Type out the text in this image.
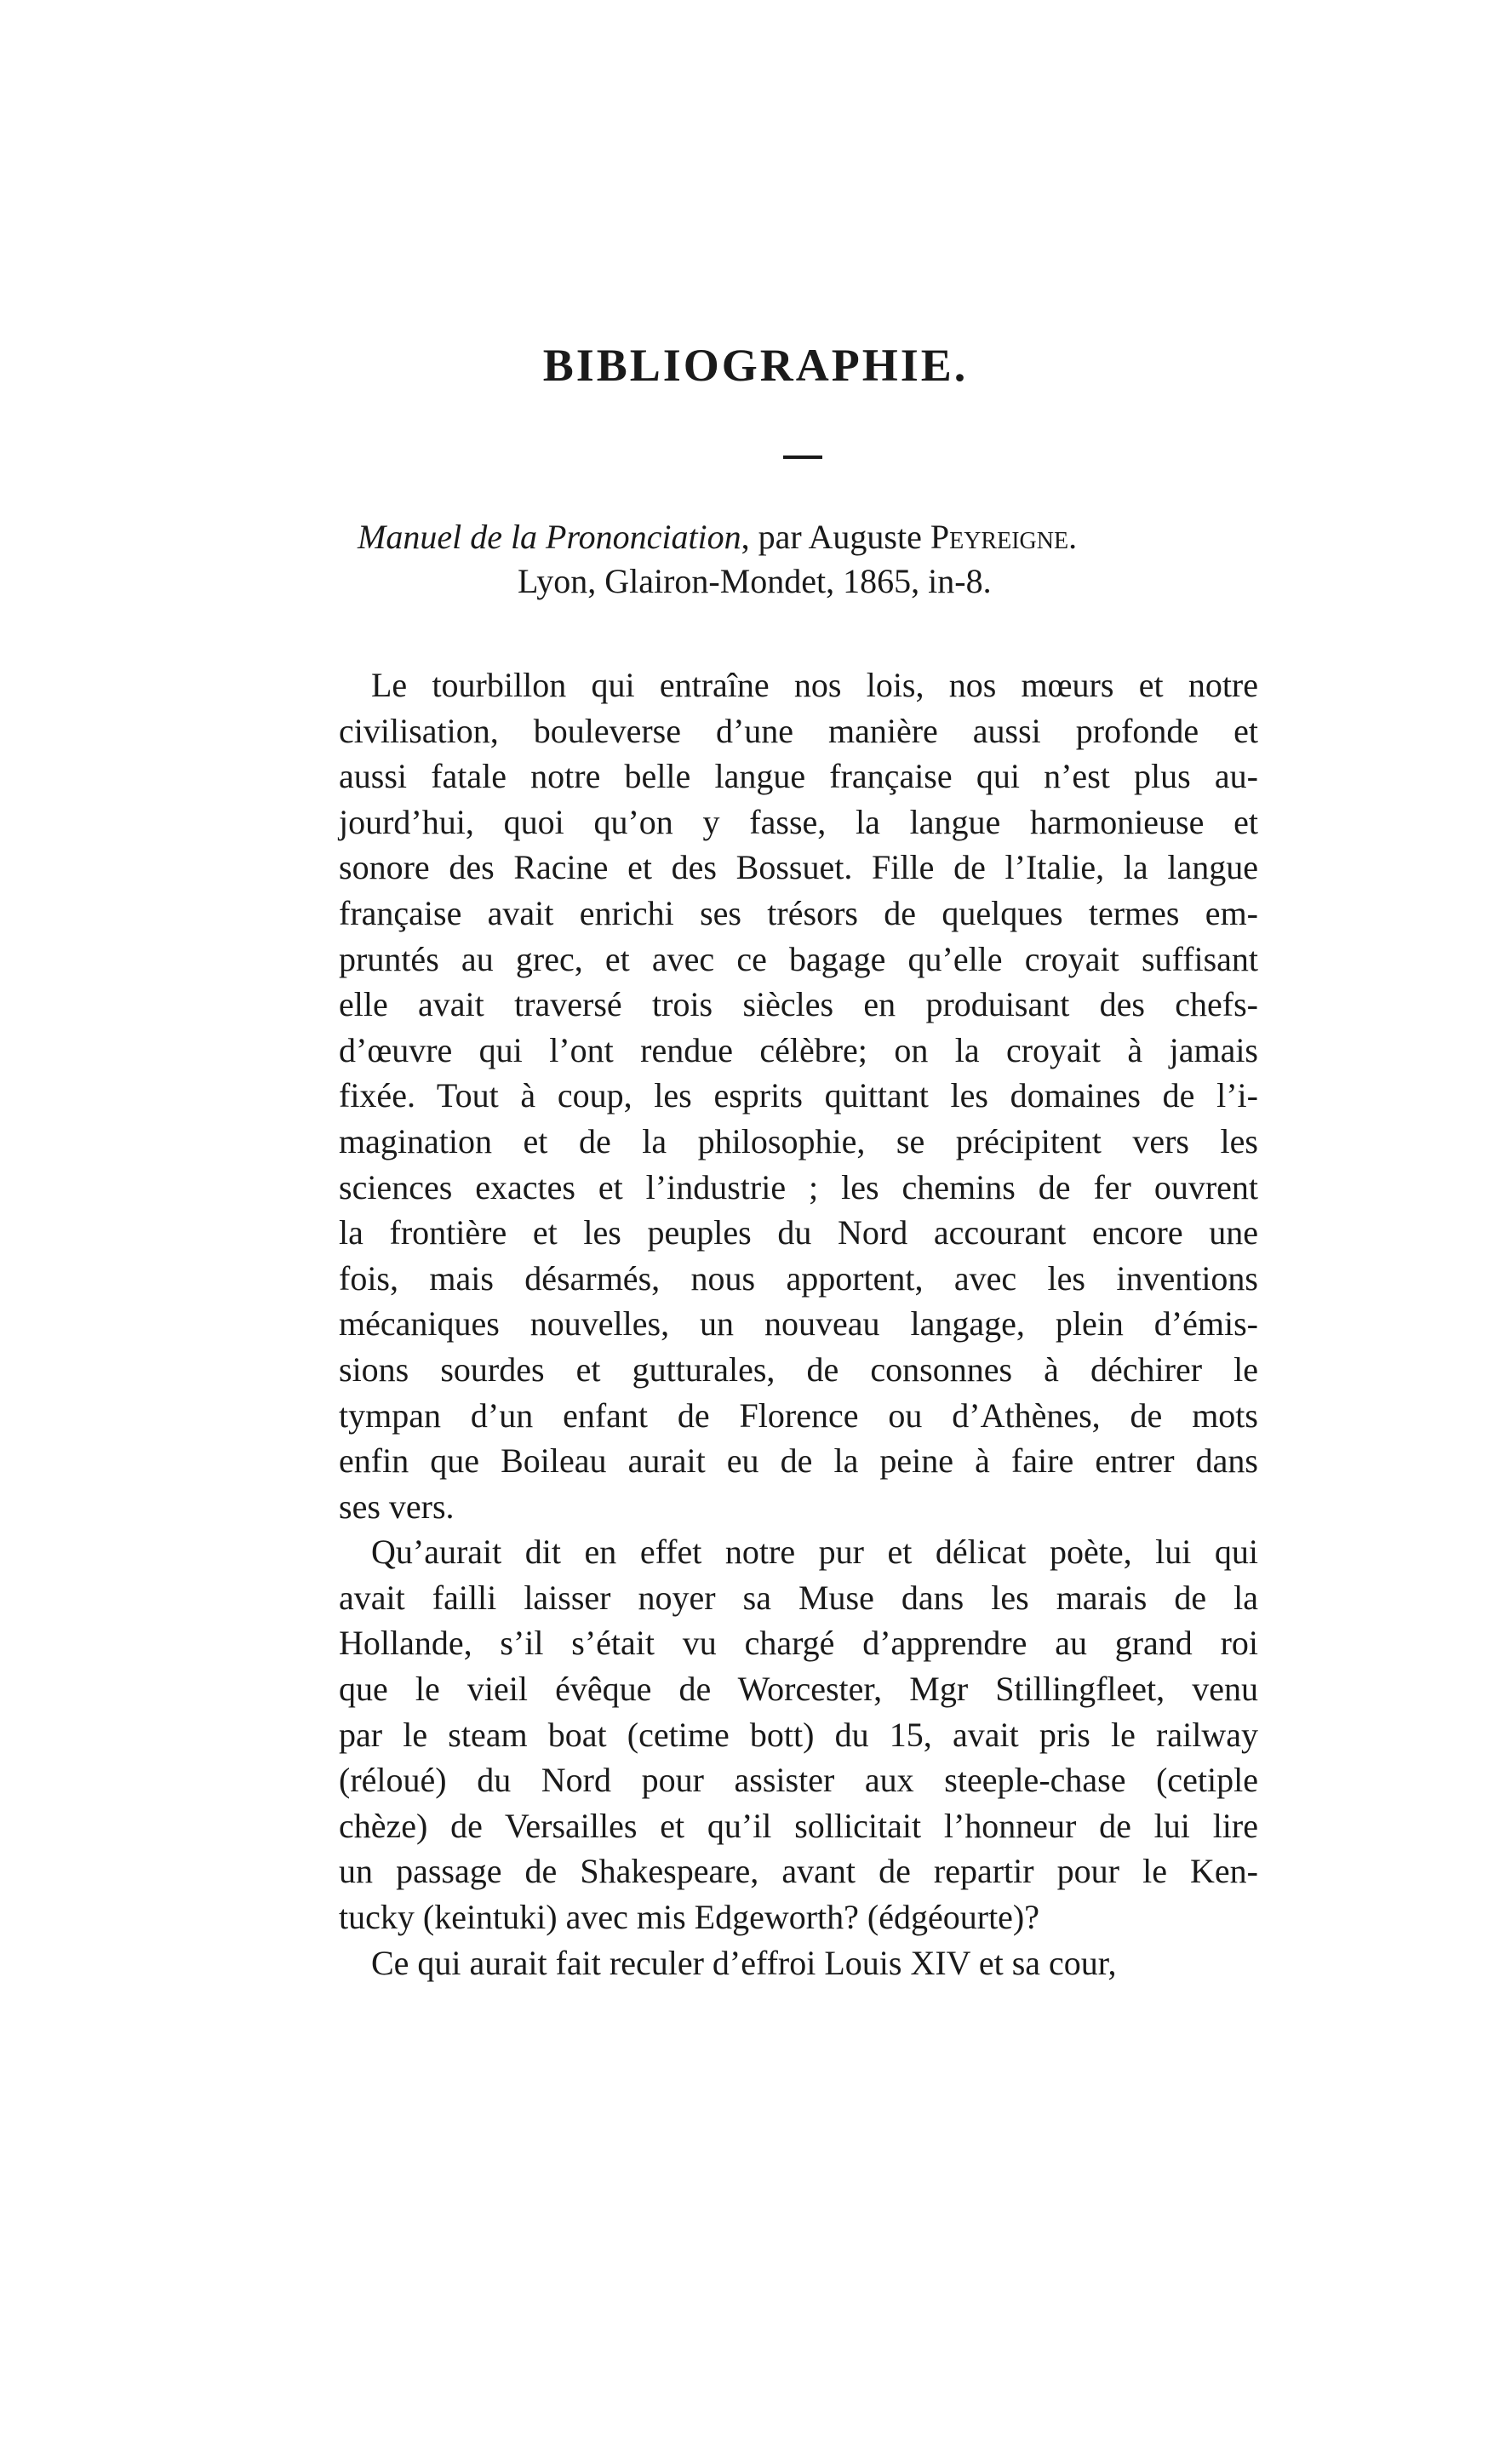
BIBLIOGRAPHIE.
Manuel de la Prononciation, par Auguste Peyreigne.
Lyon, Glairon-Mondet, 1865, in-8.
Le tourbillon qui entraîne nos lois, nos mœurs et notre
civilisation, bouleverse d’une manière aussi profonde et
aussi fatale notre belle langue française qui n’est plus au-
jourd’hui, quoi qu’on y fasse, la langue harmonieuse et
sonore des Racine et des Bossuet. Fille de l’Italie, la langue
française avait enrichi ses trésors de quelques termes em-
pruntés au grec, et avec ce bagage qu’elle croyait suffisant
elle avait traversé trois siècles en produisant des chefs-
d’œuvre qui l’ont rendue célèbre; on la croyait à jamais
fixée. Tout à coup, les esprits quittant les domaines de l’i-
magination et de la philosophie, se précipitent vers les
sciences exactes et l’industrie ; les chemins de fer ouvrent
la frontière et les peuples du Nord accourant encore une
fois, mais désarmés, nous apportent, avec les inventions
mécaniques nouvelles, un nouveau langage, plein d’émis-
sions sourdes et gutturales, de consonnes à déchirer le
tympan d’un enfant de Florence ou d’Athènes, de mots
enfin que Boileau aurait eu de la peine à faire entrer dans
ses vers.
Qu’aurait dit en effet notre pur et délicat poète, lui qui
avait failli laisser noyer sa Muse dans les marais de la
Hollande, s’il s’était vu chargé d’apprendre au grand roi
que le vieil évêque de Worcester, Mgr Stillingfleet, venu
par le steam boat (cetime bott) du 15, avait pris le railway
(réloué) du Nord pour assister aux steeple-chase (cetiple
chèze) de Versailles et qu’il sollicitait l’honneur de lui lire
un passage de Shakespeare, avant de repartir pour le Ken-
tucky (keintuki) avec mis Edgeworth? (édgéourte)?
Ce qui aurait fait reculer d’effroi Louis XIV et sa cour,
